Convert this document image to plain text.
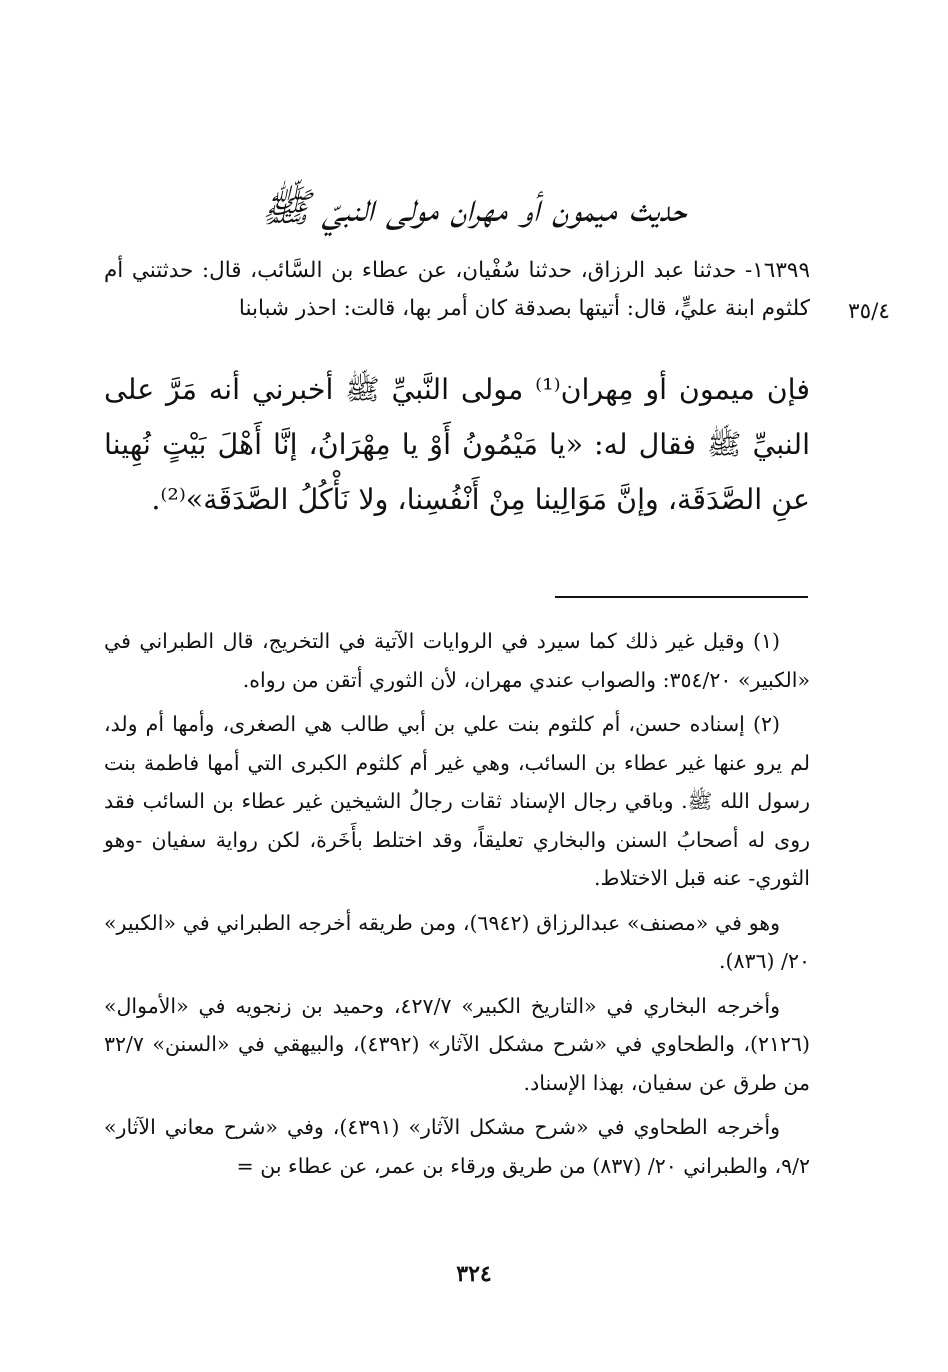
حديث ميمون أو مهران مولى النبيّ ﷺ
٣٥/٤

١٦٣٩٩- حدثنا عبد الرزاق، حدثنا سُفْيان، عن عطاء بن السَّائب، قال: حدثتني أم كلثوم ابنة عليٍّ، قال: أتيتها بصدقة كان أمر بها، قالت: احذر شبابنا

فإن ميمون أو مِهران⁽¹⁾ مولى النَّبيِّ ﷺ أخبرني أنه مَرَّ على النبيِّ ﷺ فقال له: «يا مَيْمُونُ أَوْ يا مِهْرَانُ، إنَّا أَهْلَ بَيْتٍ نُهِينا عنِ الصَّدَقَة، وإنَّ مَوَالِينا مِنْ أَنْفُسِنا، ولا نَأْكُلُ الصَّدَقَة»⁽²⁾.

(١) وقيل غير ذلك كما سيرد في الروايات الآتية في التخريج، قال الطبراني في «الكبير» ٣٥٤/٢٠: والصواب عندي مهران، لأن الثوري أتقن من رواه.

(٢) إسناده حسن، أم كلثوم بنت علي بن أبي طالب هي الصغرى، وأمها أم ولد، لم يرو عنها غير عطاء بن السائب، وهي غير أم كلثوم الكبرى التي أمها فاطمة بنت رسول الله ﷺ. وباقي رجال الإسناد ثقات رجالُ الشيخين غير عطاء بن السائب فقد روى له أصحابُ السنن والبخاري تعليقاً، وقد اختلط بأَخَرة، لكن رواية سفيان -وهو الثوري- عنه قبل الاختلاط.

وهو في «مصنف» عبدالرزاق (٦٩٤٢)، ومن طريقه أخرجه الطبراني في «الكبير» ٢٠/ (٨٣٦).

وأخرجه البخاري في «التاريخ الكبير» ٤٢٧/٧، وحميد بن زنجويه في «الأموال» (٢١٢٦)، والطحاوي في «شرح مشكل الآثار» (٤٣٩٢)، والبيهقي في «السنن» ٣٢/٧ من طرق عن سفيان، بهذا الإسناد.

وأخرجه الطحاوي في «شرح مشكل الآثار» (٤٣٩١)، وفي «شرح معاني الآثار» ٩/٢، والطبراني ٢٠/ (٨٣٧) من طريق ورقاء بن عمر، عن عطاء بن =

٣٢٤
